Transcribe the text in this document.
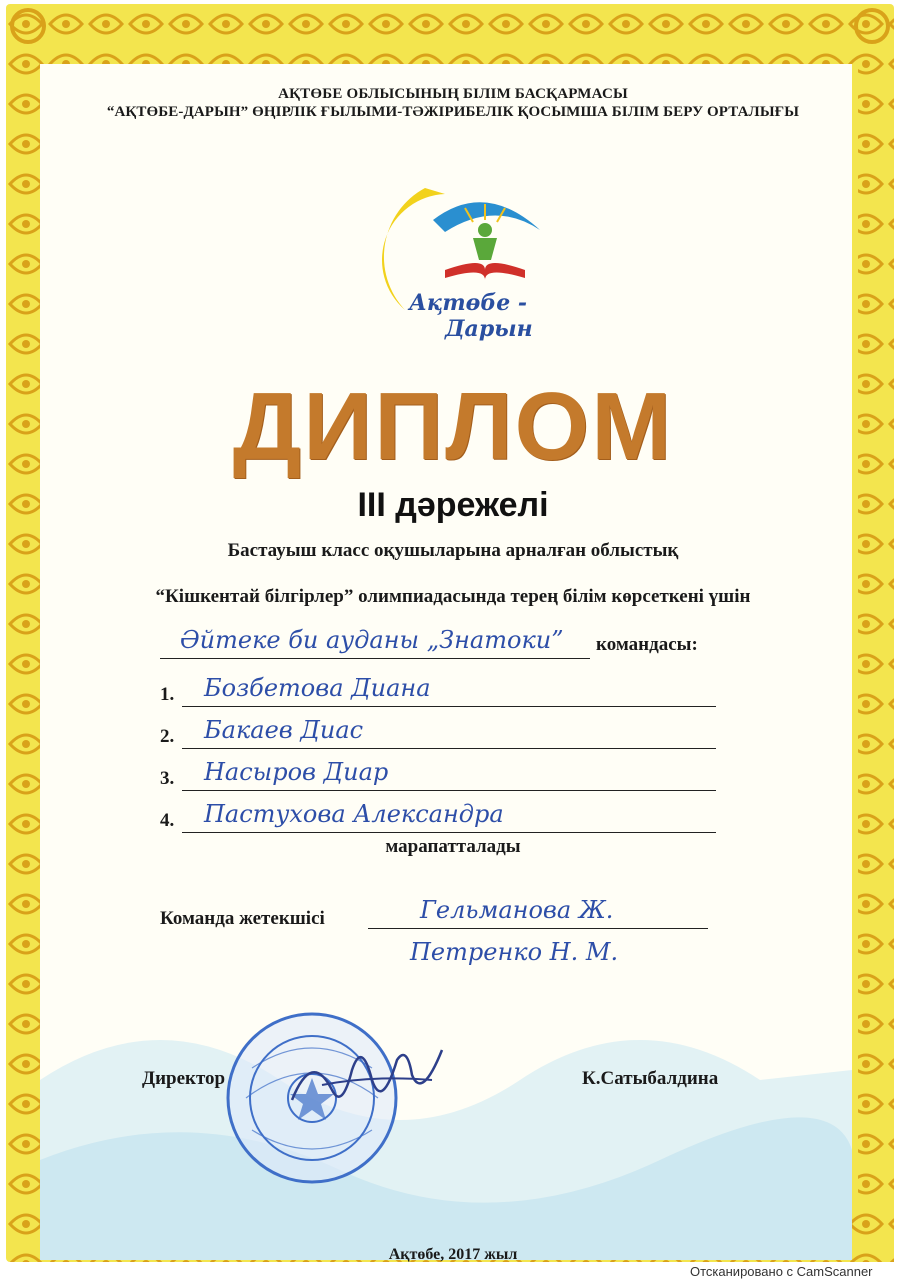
АҚТӨБЕ ОБЛЫСЫНЫҢ БІЛІМ БАСҚАРМАСЫ
“АҚТӨБЕ-ДАРЫН” ӨҢІРЛІК ҒЫЛЫМИ-ТӘЖІРИБЕЛІК ҚОСЫМША БІЛІМ БЕРУ ОРТАЛЫҒЫ
Ақтөбе -
Дарын
ДИПЛОМ
ІІІ дәрежелі
Бастауыш класс оқушыларына арналған облыстық
“Кішкентай білгірлер” олимпиадасында терең білім көрсеткені үшін
Әйтеке би ауданы „Знатоки” командасы:
1. Бозбетова Диана
2. Бакаев Диас
3. Насыров Диар
4. Пастухова Александра
марапатталады
Команда жетекшісі	Гельманова Ж.
Петренко Н. М.
Директор	К.Сатыбалдина
Ақтөбе, 2017 жыл
Отсканировано с CamScanner
